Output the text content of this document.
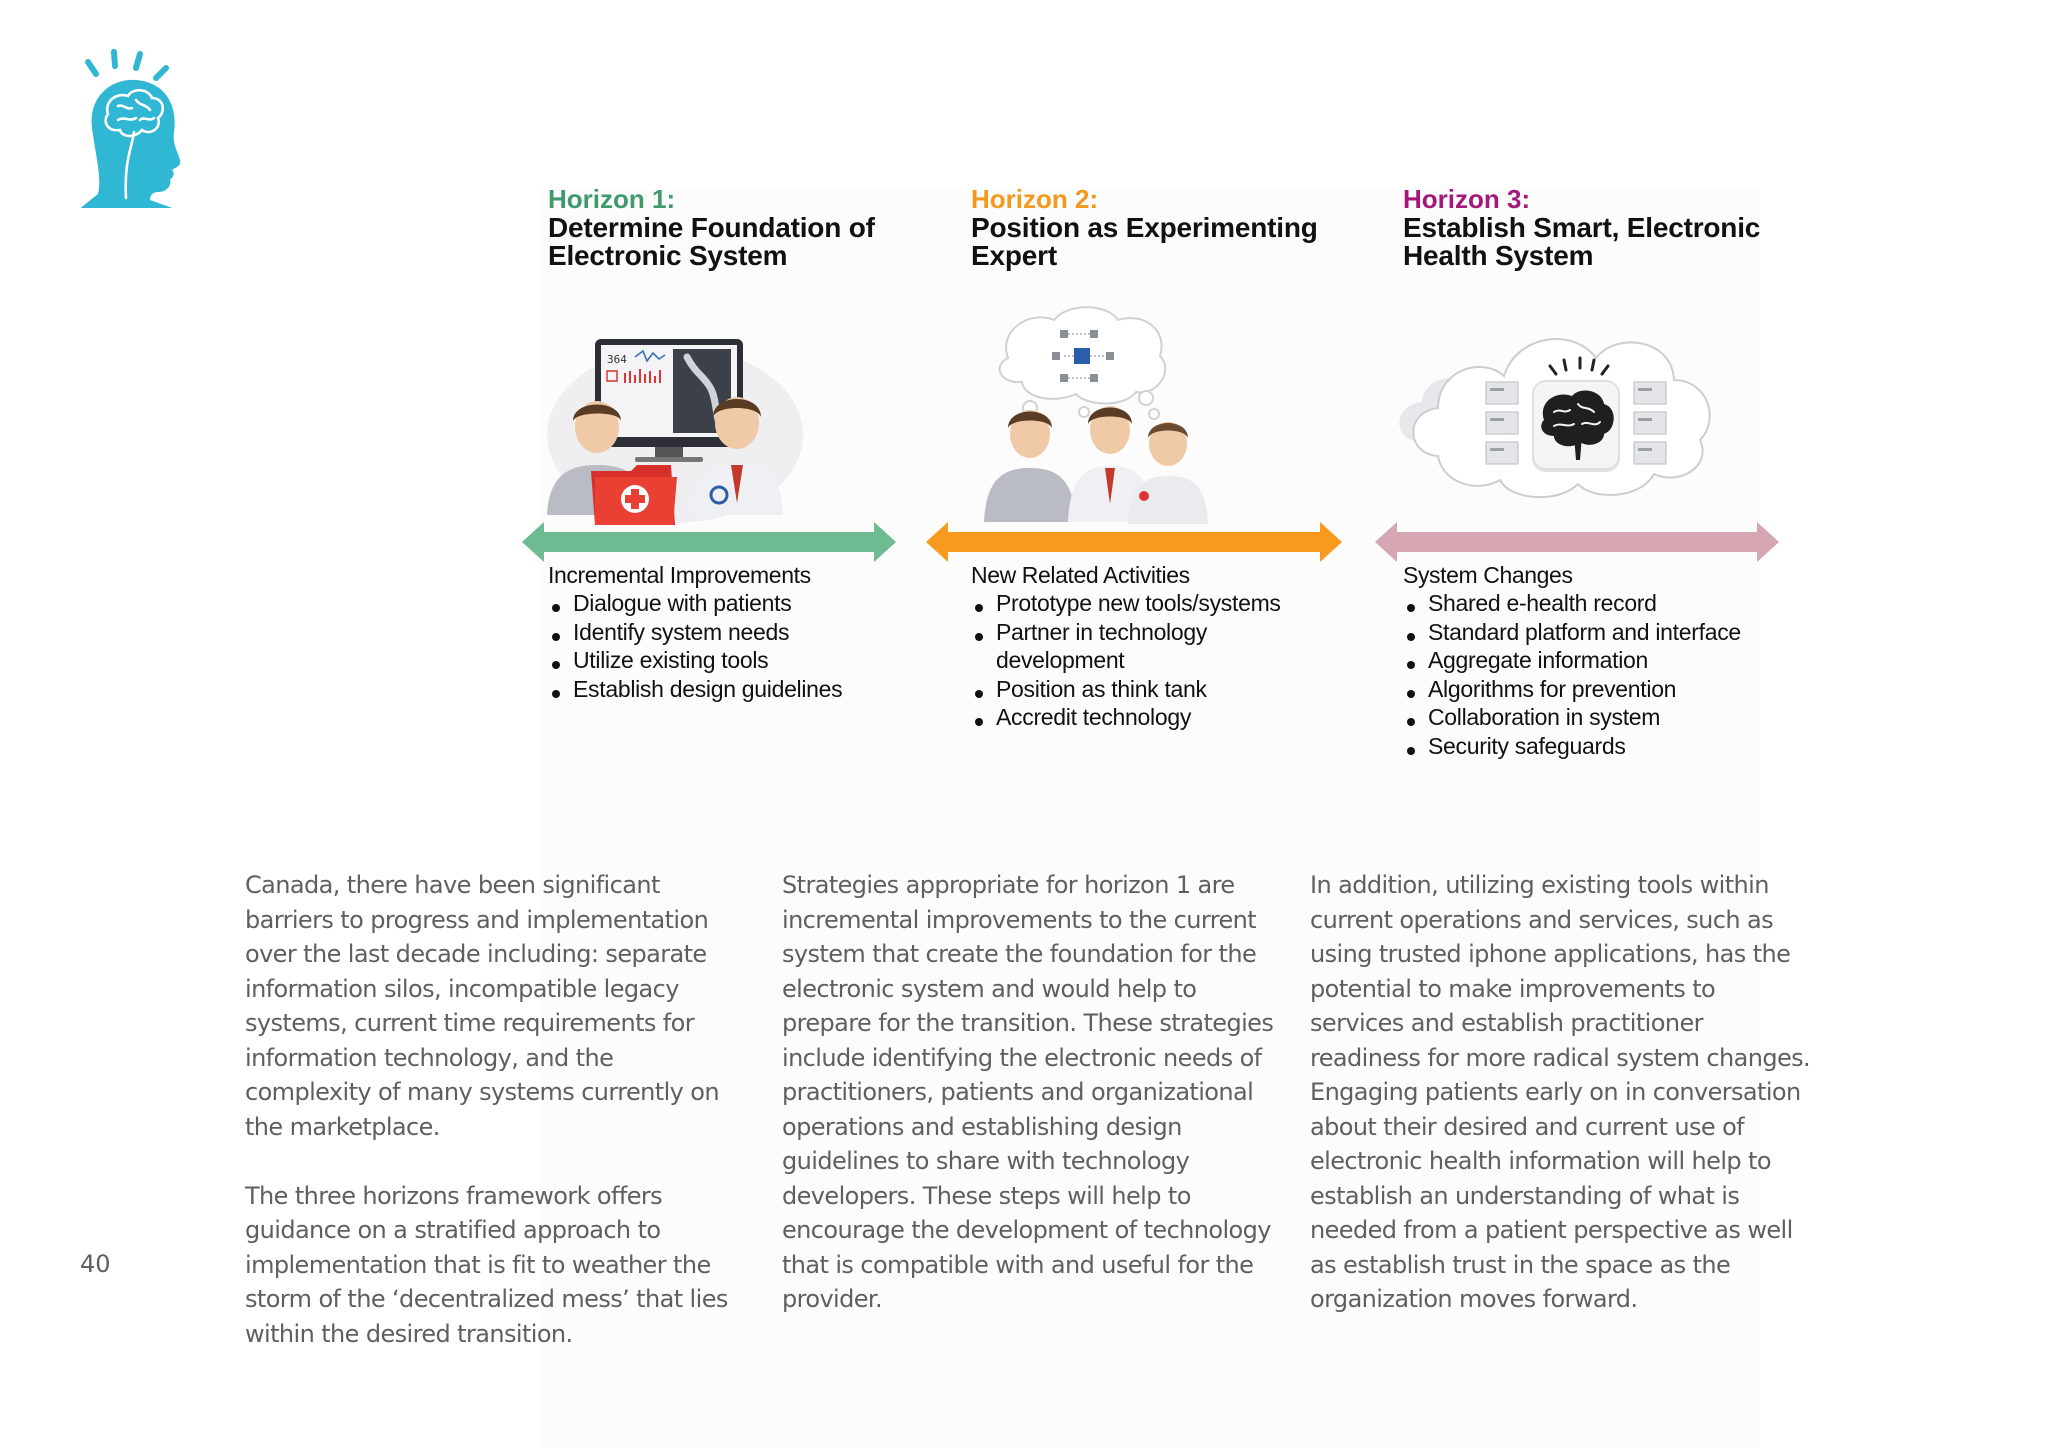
Horizon 1:
Determine Foundation of
Electronic System
Horizon 2:
Position as Experimenting
Expert
Horizon 3:
Establish Smart, Electronic
Health System
364
Incremental Improvements
Dialogue with patients
Identify system needs
Utilize existing tools
Establish design guidelines
New Related Activities
Prototype new tools/systems
Partner in technology development
Position as think tank
Accredit technology
System Changes
Shared e-health record
Standard platform and interface
Aggregate information
Algorithms for prevention
Collaboration in system
Security safeguards

Canada, there have been significant barriers to progress and implementation over the last decade including: separate information silos, incompatible legacy systems, current time requirements for information technology, and the complexity of many systems currently on the marketplace.

The three horizons framework offers guidance on a stratified approach to implementation that is fit to weather the storm of the ‘decentralized mess’ that lies within the desired transition.

Strategies appropriate for horizon 1 are incremental improvements to the current system that create the foundation for the electronic system and would help to prepare for the transition. These strategies include identifying the electronic needs of practitioners, patients and organizational operations and establishing design guidelines to share with technology developers. These steps will help to encourage the development of technology that is compatible with and useful for the provider.

In addition, utilizing existing tools within current operations and services, such as using trusted iphone applications, has the potential to make improvements to services and establish practitioner readiness for more radical system changes. Engaging patients early on in conversation about their desired and current use of electronic health information will help to establish an understanding of what is needed from a patient perspective as well as establish trust in the space as the organization moves forward.

40
